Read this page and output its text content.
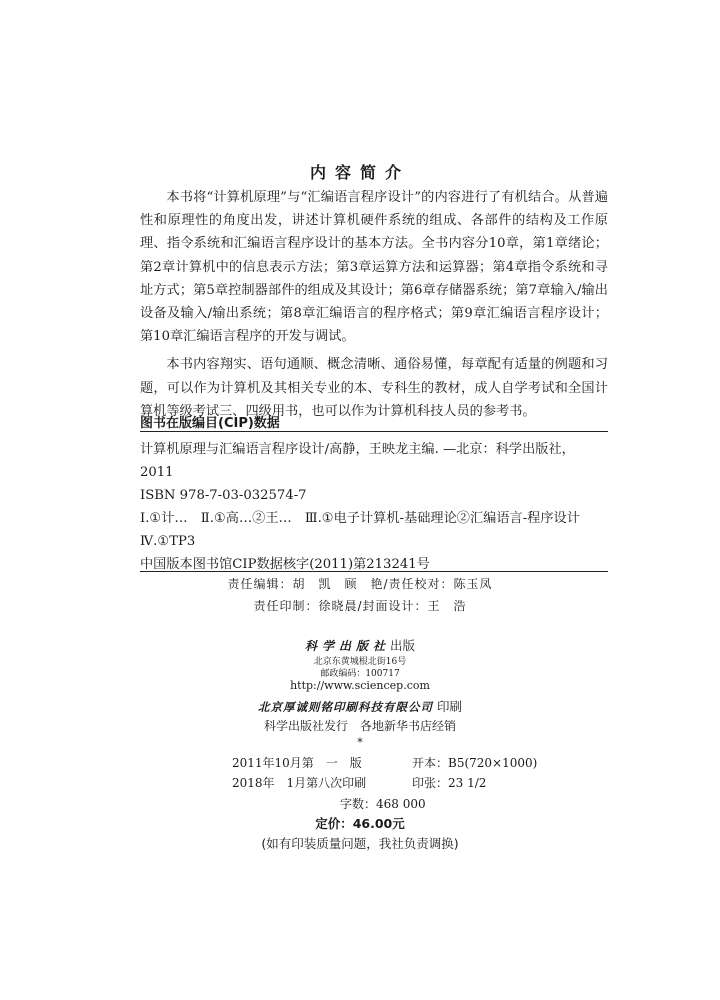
内容简介

本书将“计算机原理”与“汇编语言程序设计”的内容进行了有机结合。从普遍性和原理性的角度出发，讲述计算机硬件系统的组成、各部件的结构及工作原理、指令系统和汇编语言程序设计的基本方法。全书内容分10章，第1章绪论；第2章计算机中的信息表示方法；第3章运算方法和运算器；第4章指令系统和寻址方式；第5章控制器部件的组成及其设计；第6章存储器系统；第7章输入/输出设备及输入/输出系统；第8章汇编语言的程序格式；第9章汇编语言程序设计；第10章汇编语言程序的开发与调试。

本书内容翔实、语句通顺、概念清晰、通俗易懂，每章配有适量的例题和习题，可以作为计算机及其相关专业的本、专科生的教材，成人自学考试和全国计算机等级考试三、四级用书，也可以作为计算机科技人员的参考书。

图书在版编目(CIP)数据
计算机原理与汇编语言程序设计/高静，王映龙主编. —北京：科学出版社，2011
ISBN 978-7-03-032574-7
Ⅰ.①计…　Ⅱ.①高…②王…　Ⅲ.①电子计算机-基础理论②汇编语言-程序设计　Ⅳ.①TP3
中国版本图书馆CIP数据核字(2011)第213241号
责任编辑：胡　凯　顾　艳/责任校对：陈玉凤
责任印制：徐晓晨/封面设计：王　浩
科学出版社出版
北京东黄城根北街16号
邮政编码：100717
http://www.sciencep.com
北京厚诚则铭印刷科技有限公司 印刷
科学出版社发行　各地新华书店经销
*
2011年10月第　一　版	开本：B5(720×1000)
2018年　1月第八次印刷	印张：23 1/2
字数：468 000
定价：46.00元
(如有印装质量问题，我社负责调换)
